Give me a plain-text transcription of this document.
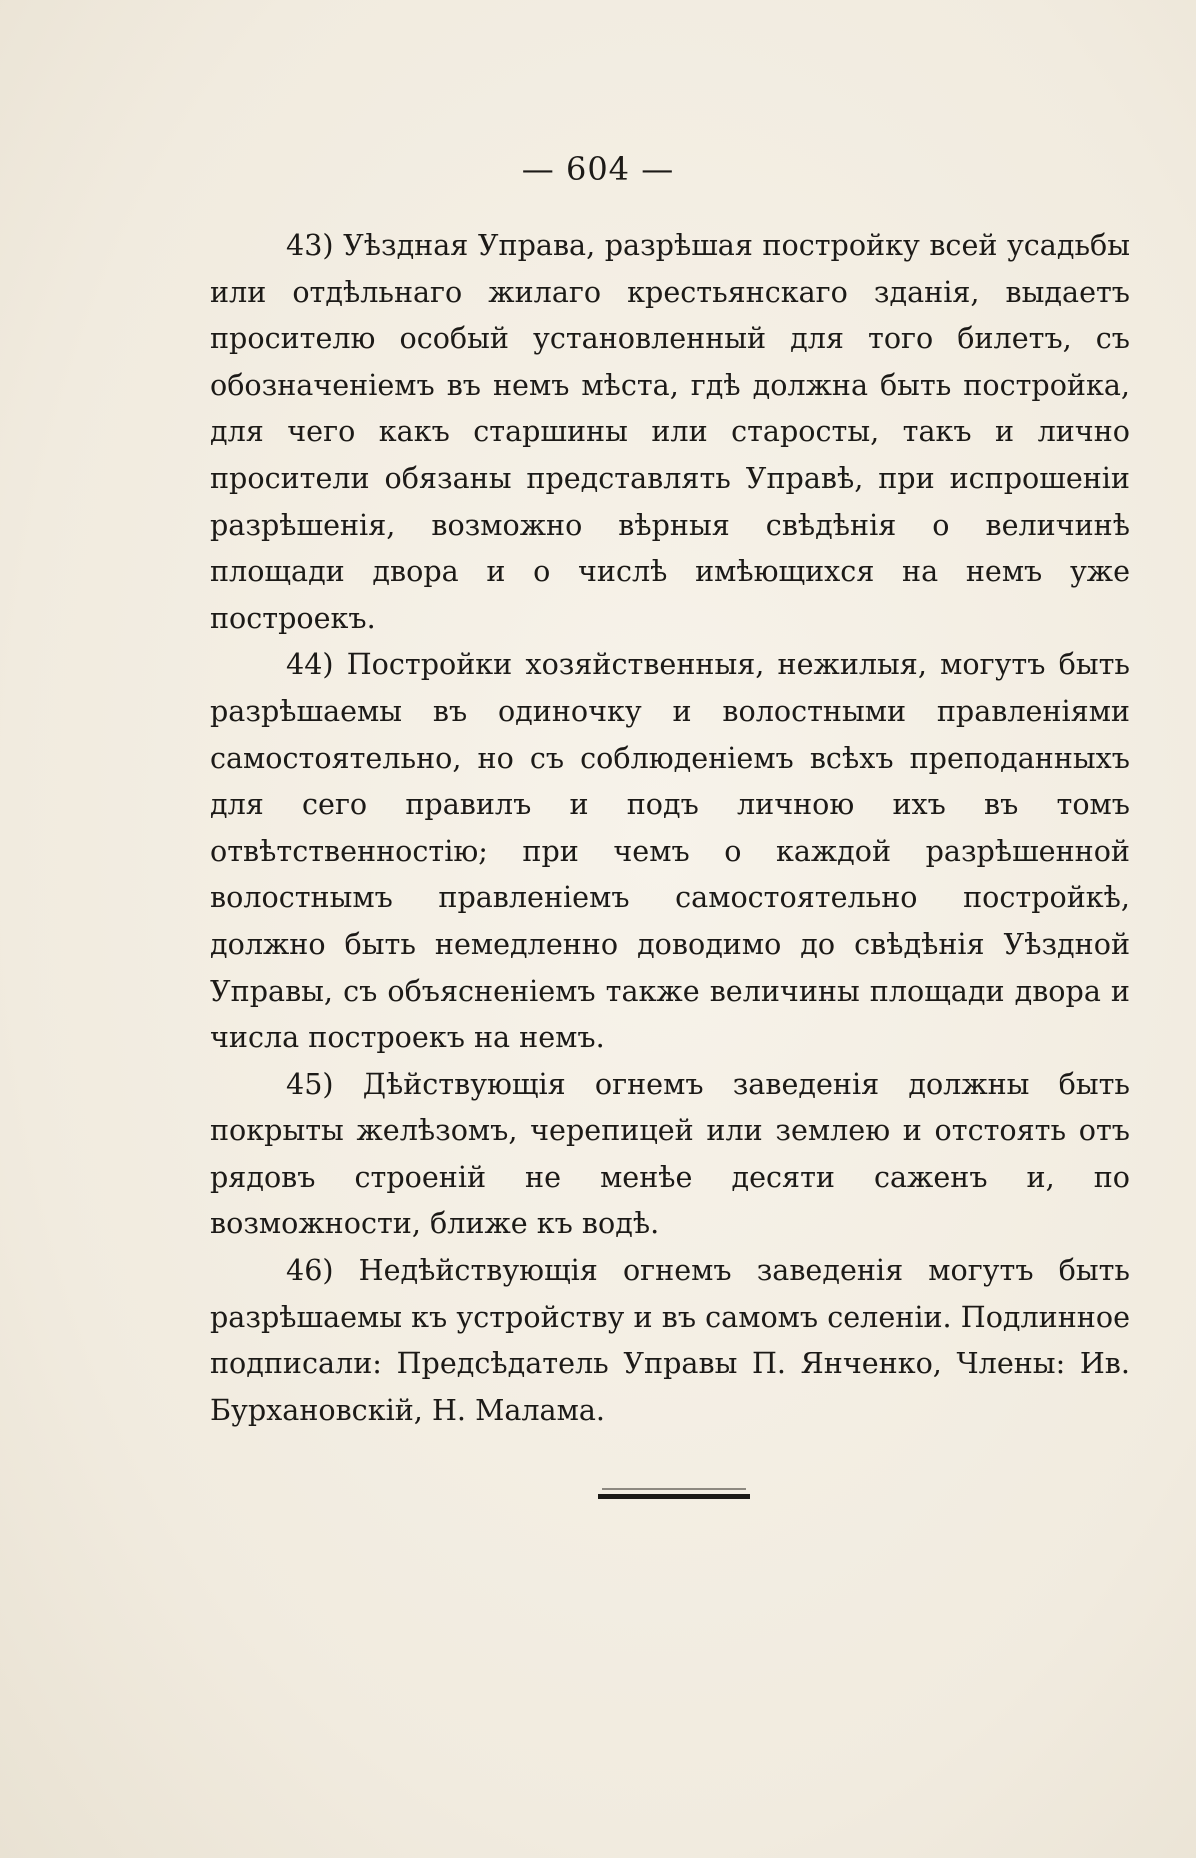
— 604 —

43) Уѣздная Управа, разрѣшая постройку всей усадьбы или отдѣльнаго жилаго крестьянскаго зданія, выдаетъ просителю особый установленный для того билетъ, съ обозначеніемъ въ немъ мѣста, гдѣ должна быть постройка, для чего какъ старшины или старосты, такъ и лично просители обязаны представлять Управѣ, при испрошеніи разрѣшенія, возможно вѣрныя свѣдѣнія о величинѣ площади двора и о числѣ имѣющихся на немъ уже построекъ.

44) Постройки хозяйственныя, нежилыя, могутъ быть разрѣшаемы въ одиночку и волостными правленіями самостоятельно, но съ соблюденіемъ всѣхъ преподанныхъ для сего правилъ и подъ личною ихъ въ томъ отвѣтственностію; при чемъ о каждой разрѣшенной волостнымъ правленіемъ самостоятельно постройкѣ, должно быть немедленно доводимо до свѣдѣнія Уѣздной Управы, съ объясненіемъ также величины площади двора и числа построекъ на немъ.

45) Дѣйствующія огнемъ заведенія должны быть покрыты желѣзомъ, черепицей или землею и отстоять отъ рядовъ строеній не менѣе десяти саженъ и, по возможности, ближе къ водѣ.

46) Недѣйствующія огнемъ заведенія могутъ быть разрѣшаемы къ устройству и въ самомъ селеніи. Подлинное подписали: Предсѣдатель Управы П. Янченко, Члены: Ив. Бурхановскій, Н. Малама.
